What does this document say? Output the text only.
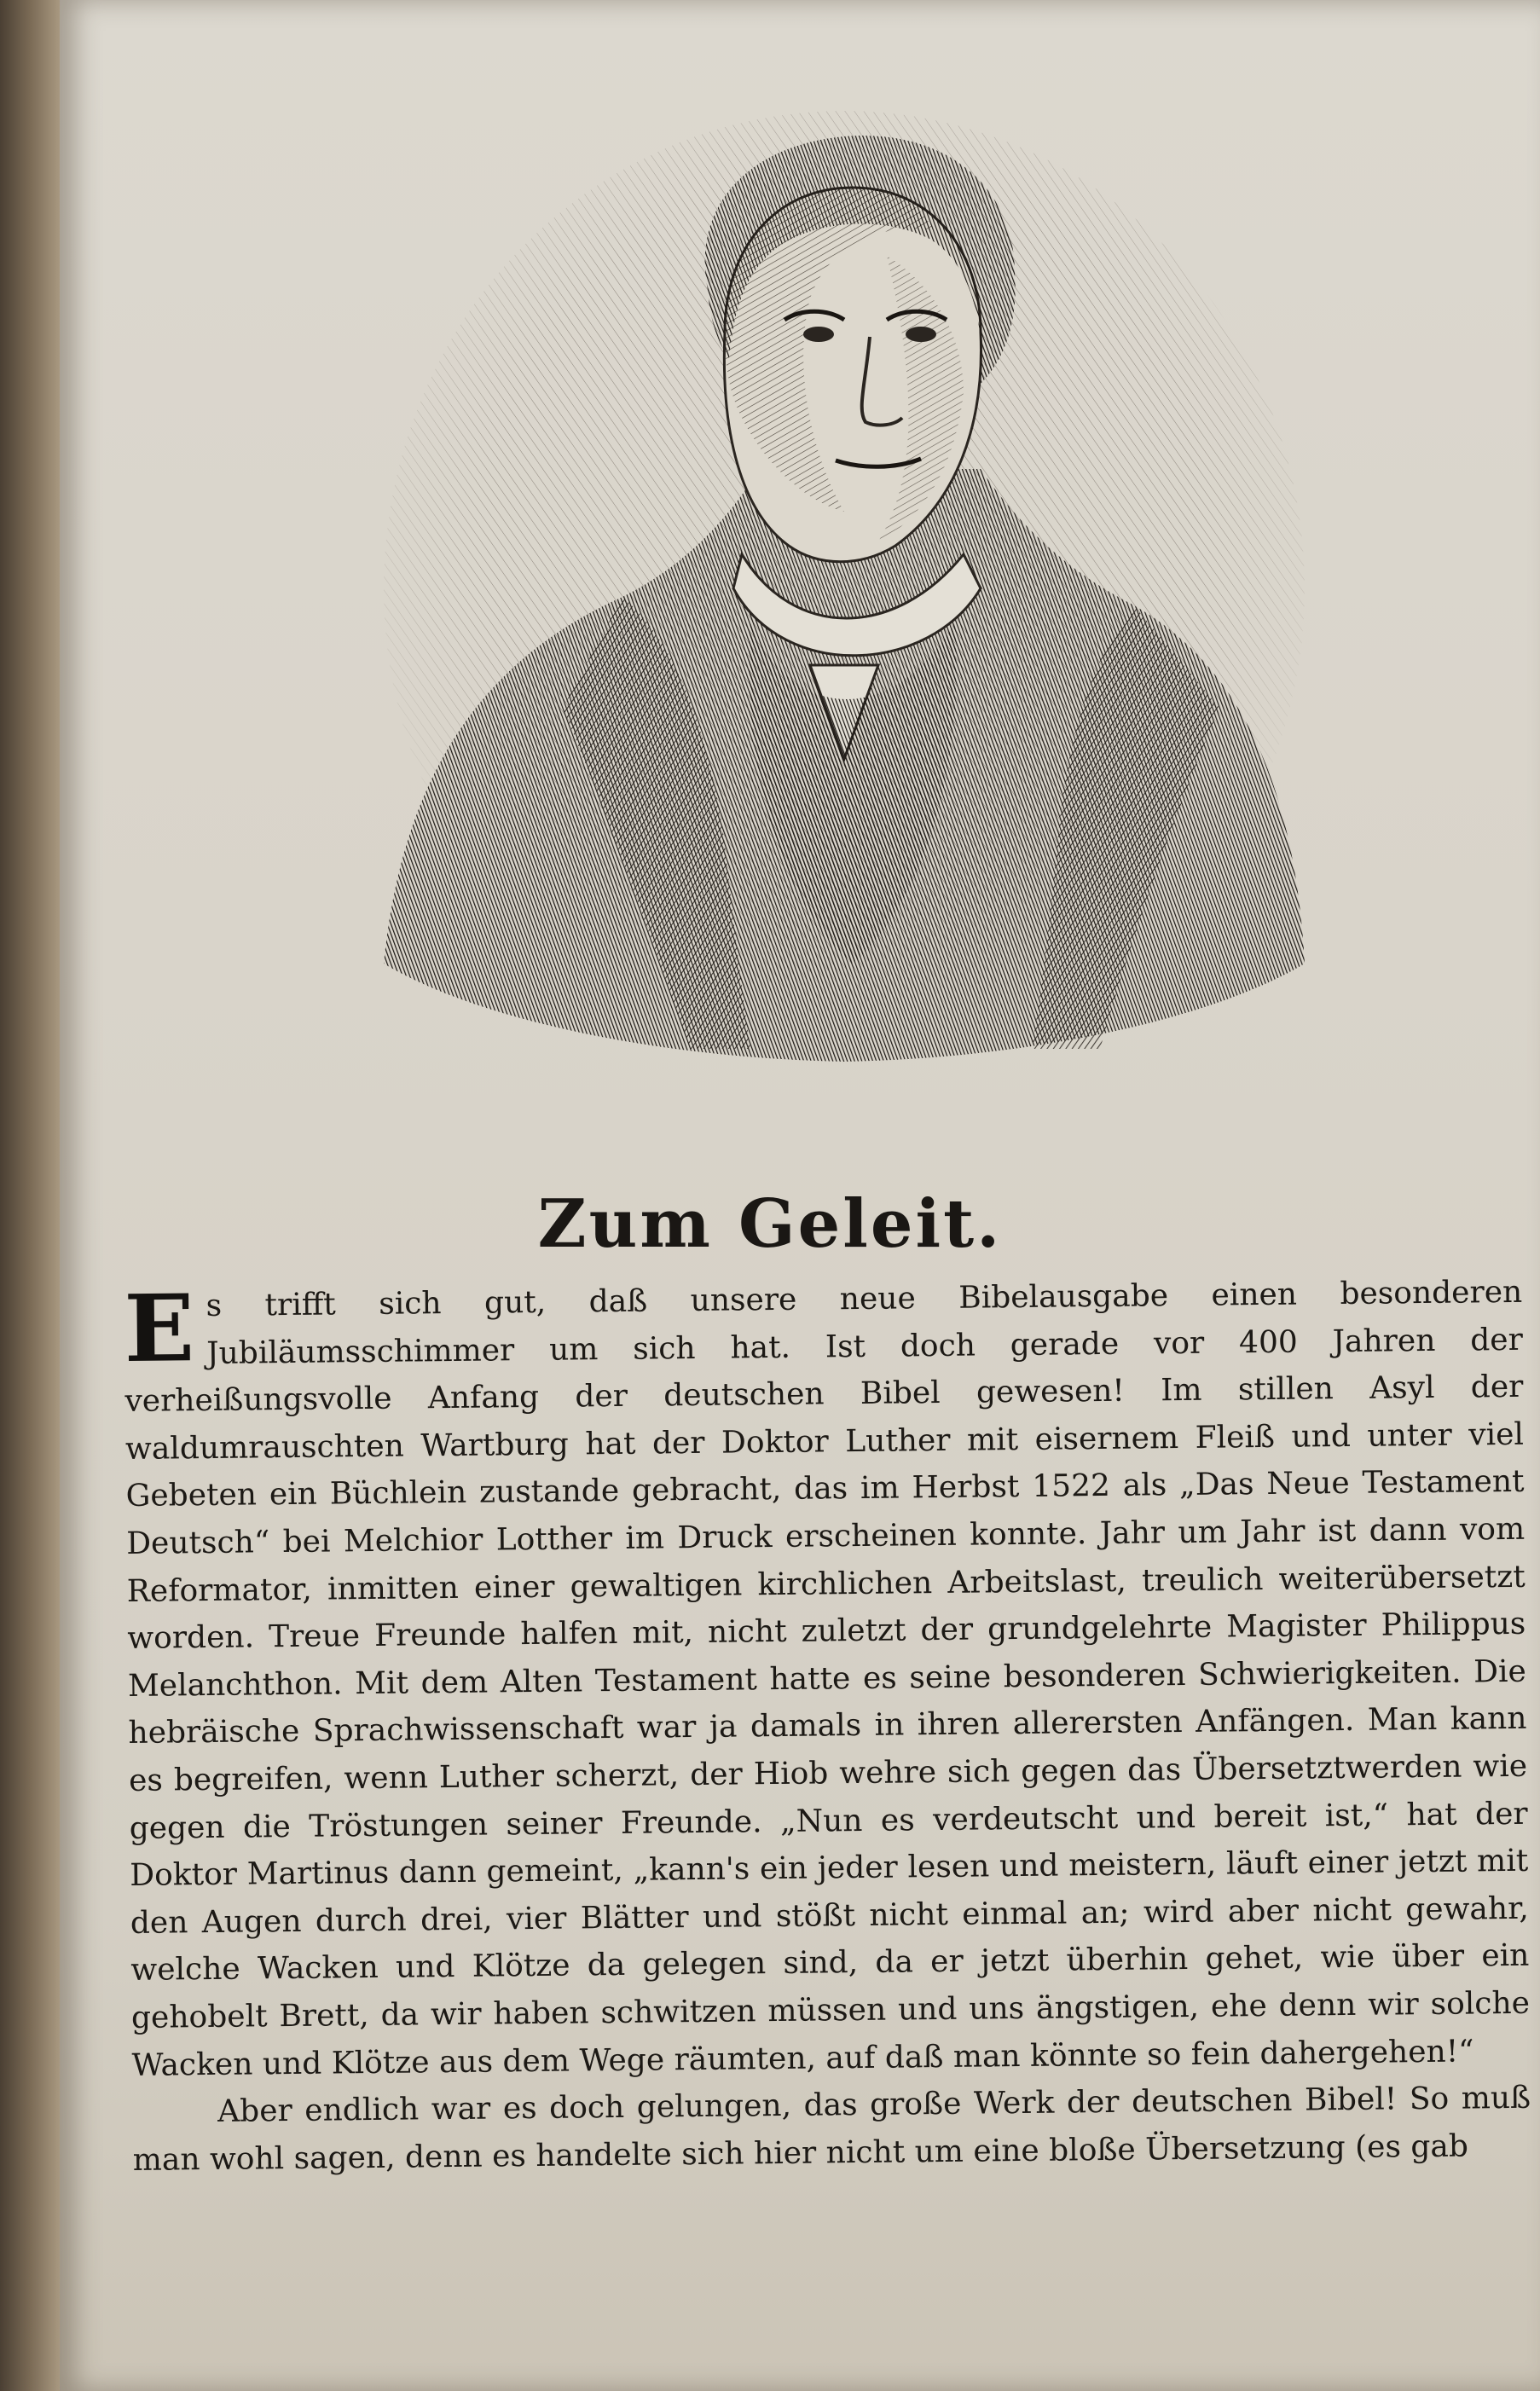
Zum Geleit.

Es trifft sich gut, daß unsere neue Bibelausgabe einen besonderen Jubiläumsschimmer um sich hat. Ist doch gerade vor 400 Jahren der verheißungsvolle Anfang der deutschen Bibel gewesen! Im stillen Asyl der waldumrauschten Wartburg hat der Doktor Luther mit eisernem Fleiß und unter viel Gebeten ein Büchlein zustande gebracht, das im Herbst 1522 als „Das Neue Testament Deutsch“ bei Melchior Lotther im Druck erscheinen konnte. Jahr um Jahr ist dann vom Reformator, inmitten einer gewaltigen kirchlichen Arbeitslast, treulich weiterübersetzt worden. Treue Freunde halfen mit, nicht zuletzt der grundgelehrte Magister Philippus Melanchthon. Mit dem Alten Testament hatte es seine besonderen Schwierigkeiten. Die hebräische Sprachwissenschaft war ja damals in ihren allerersten Anfängen. Man kann es begreifen, wenn Luther scherzt, der Hiob wehre sich gegen das Übersetztwerden wie gegen die Tröstungen seiner Freunde. „Nun es verdeutscht und bereit ist,“ hat der Doktor Martinus dann gemeint, „kann's ein jeder lesen und meistern, läuft einer jetzt mit den Augen durch drei, vier Blätter und stößt nicht einmal an; wird aber nicht gewahr, welche Wacken und Klötze da gelegen sind, da er jetzt überhin gehet, wie über ein gehobelt Brett, da wir haben schwitzen müssen und uns ängstigen, ehe denn wir solche Wacken und Klötze aus dem Wege räumten, auf daß man könnte so fein dahergehen!“

Aber endlich war es doch gelungen, das große Werk der deutschen Bibel! So muß man wohl sagen, denn es handelte sich hier nicht um eine bloße Übersetzung (es gab
